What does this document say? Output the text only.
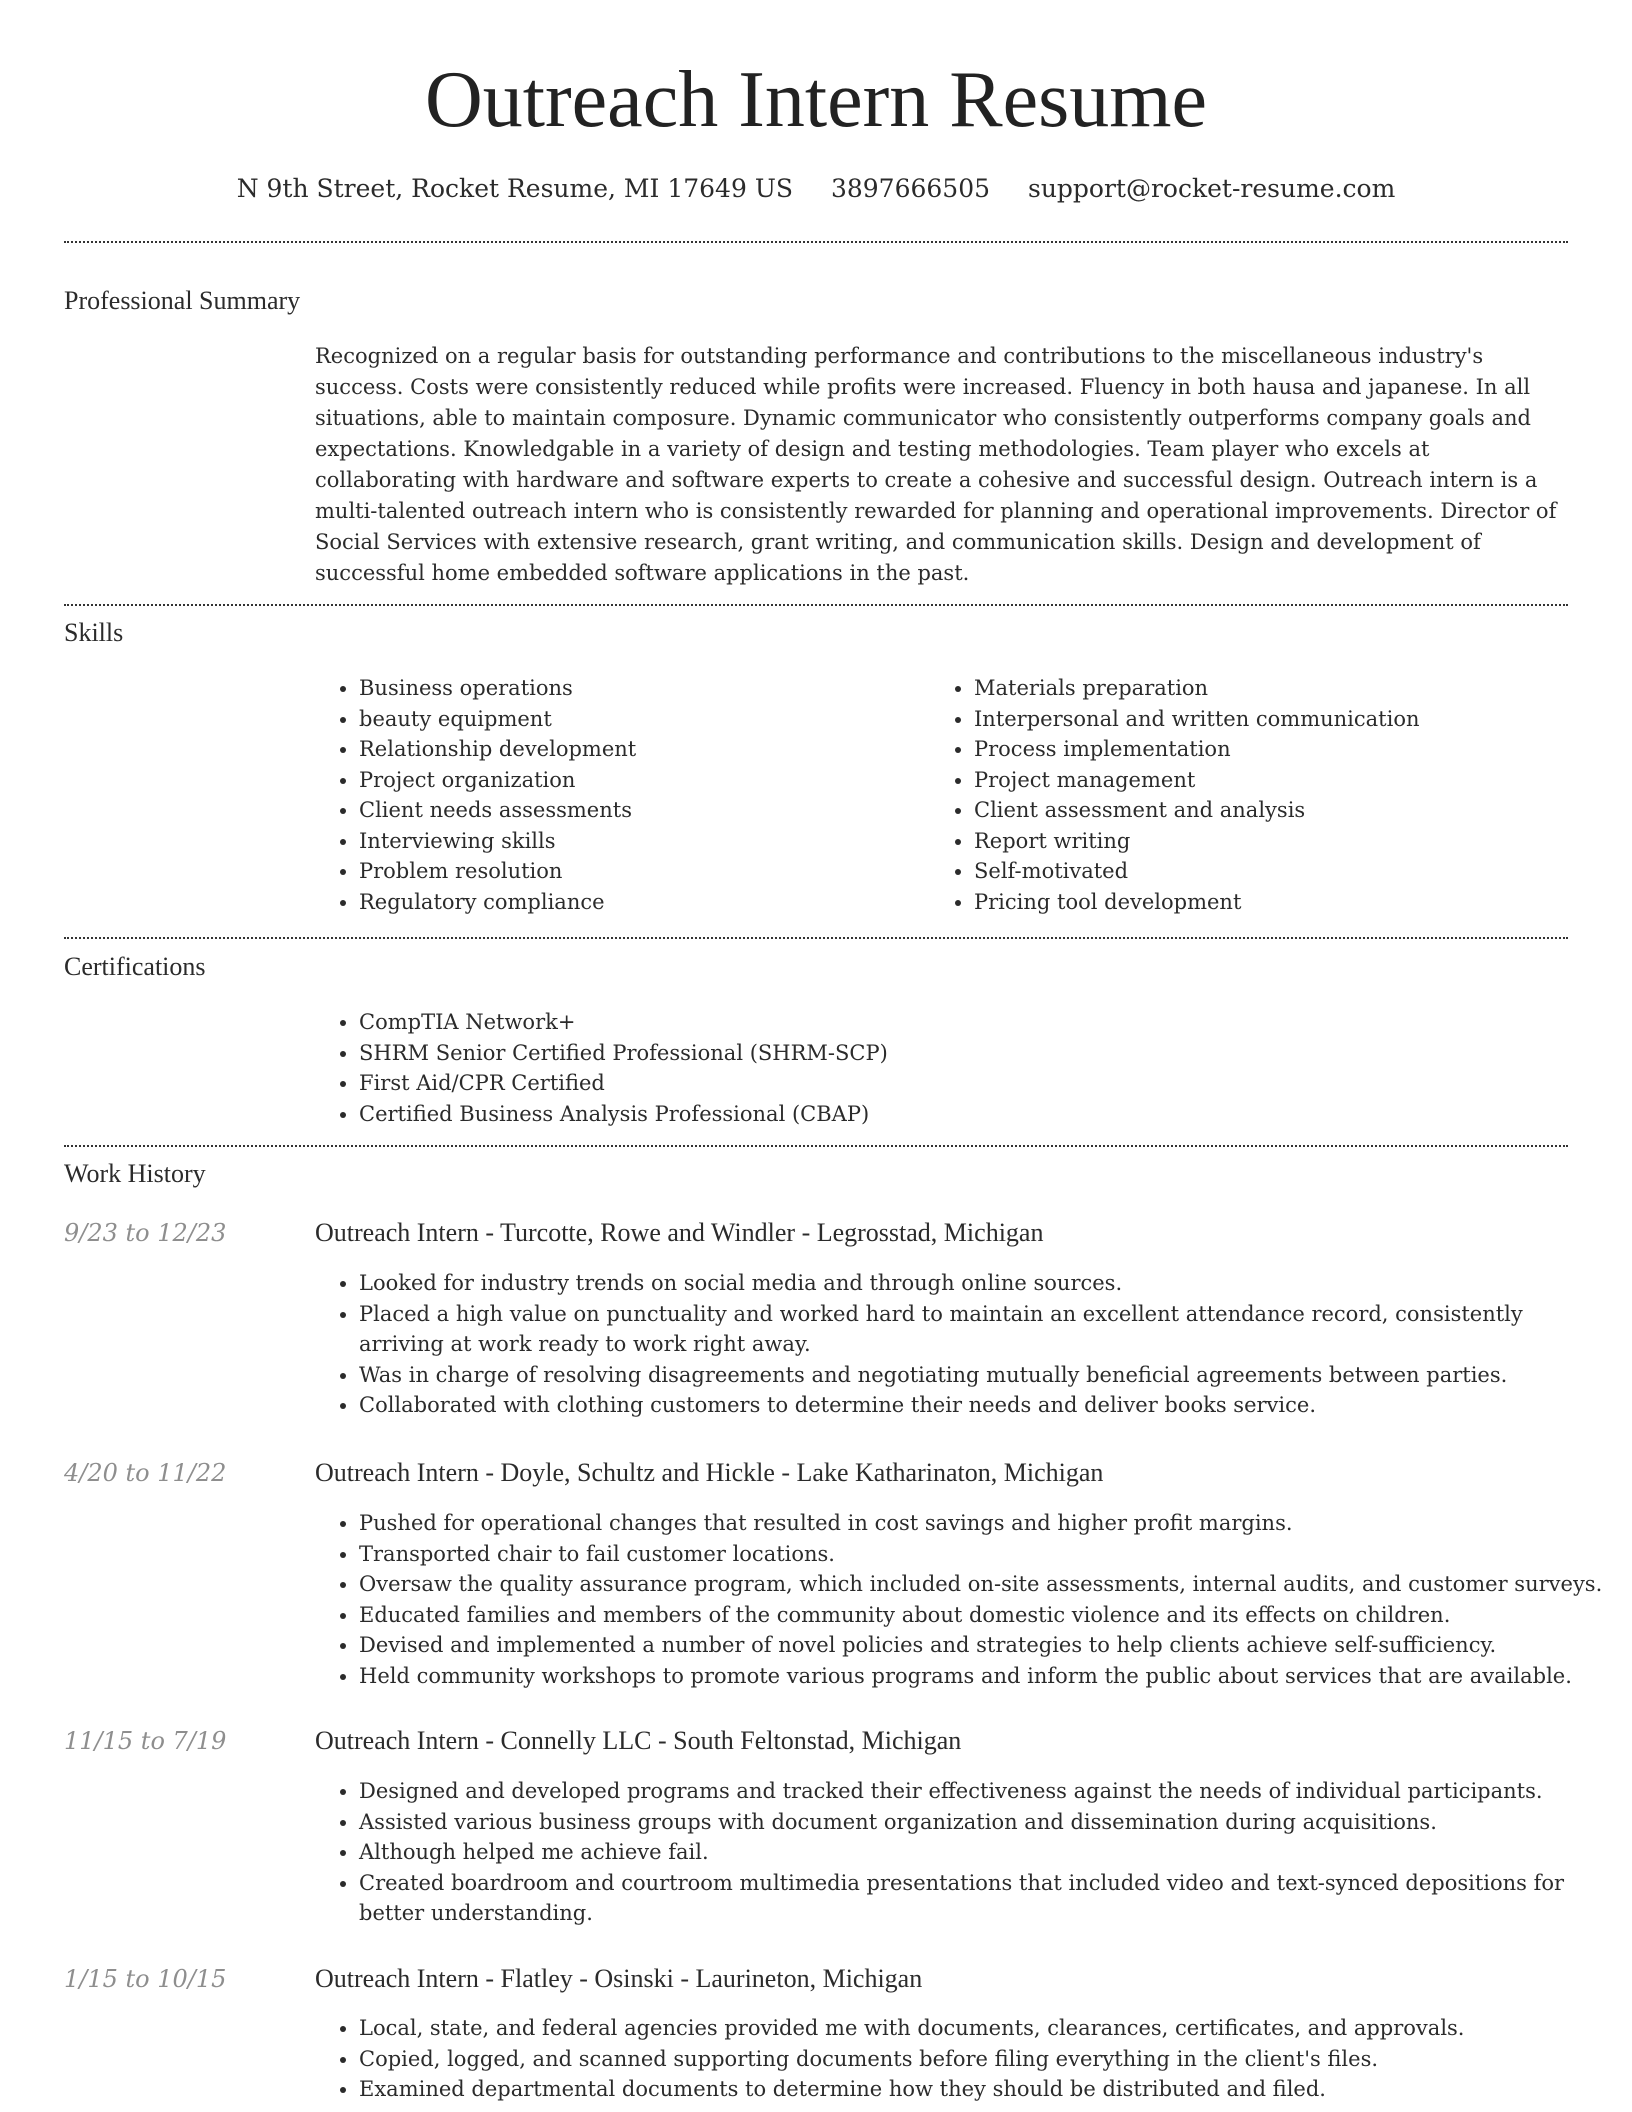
Outreach Intern Resume
N 9th Street, Rocket Resume, MI 17649 US 3897666505 support@rocket-resume.com
Professional Summary

Recognized on a regular basis for outstanding performance and contributions to the miscellaneous industry's success. Costs were consistently reduced while profits were increased. Fluency in both hausa and japanese. In all situations, able to maintain composure. Dynamic communicator who consistently outperforms company goals and expectations. Knowledgable in a variety of design and testing methodologies. Team player who excels at collaborating with hardware and software experts to create a cohesive and successful design. Outreach intern is a multi-talented outreach intern who is consistently rewarded for planning and operational improvements. Director of Social Services with extensive research, grant writing, and communication skills. Design and development of successful home embedded software applications in the past.

Skills
• Business operations
• beauty equipment
• Relationship development
• Project organization
• Client needs assessments
• Interviewing skills
• Problem resolution
• Regulatory compliance
• Materials preparation
• Interpersonal and written communication
• Process implementation
• Project management
• Client assessment and analysis
• Report writing
• Self-motivated
• Pricing tool development
Certifications
• CompTIA Network+
• SHRM Senior Certified Professional (SHRM-SCP)
• First Aid/CPR Certified
• Certified Business Analysis Professional (CBAP)
Work History
9/23 to 12/23	Outreach Intern - Turcotte, Rowe and Windler - Legrosstad, Michigan
• Looked for industry trends on social media and through online sources.
• Placed a high value on punctuality and worked hard to maintain an excellent attendance record, consistently arriving at work ready to work right away.
• Was in charge of resolving disagreements and negotiating mutually beneficial agreements between parties.
• Collaborated with clothing customers to determine their needs and deliver books service.
4/20 to 11/22	Outreach Intern - Doyle, Schultz and Hickle - Lake Katharinaton, Michigan
• Pushed for operational changes that resulted in cost savings and higher profit margins.
• Transported chair to fail customer locations.
• Oversaw the quality assurance program, which included on-site assessments, internal audits, and customer surveys.
• Educated families and members of the community about domestic violence and its effects on children.
• Devised and implemented a number of novel policies and strategies to help clients achieve self-sufficiency.
• Held community workshops to promote various programs and inform the public about services that are available.
11/15 to 7/19	Outreach Intern - Connelly LLC - South Feltonstad, Michigan
• Designed and developed programs and tracked their effectiveness against the needs of individual participants.
• Assisted various business groups with document organization and dissemination during acquisitions.
• Although helped me achieve fail.
• Created boardroom and courtroom multimedia presentations that included video and text-synced depositions for better understanding.
1/15 to 10/15	Outreach Intern - Flatley - Osinski - Laurineton, Michigan
• Local, state, and federal agencies provided me with documents, clearances, certificates, and approvals.
• Copied, logged, and scanned supporting documents before filing everything in the client's files.
• Examined departmental documents to determine how they should be distributed and filed.
